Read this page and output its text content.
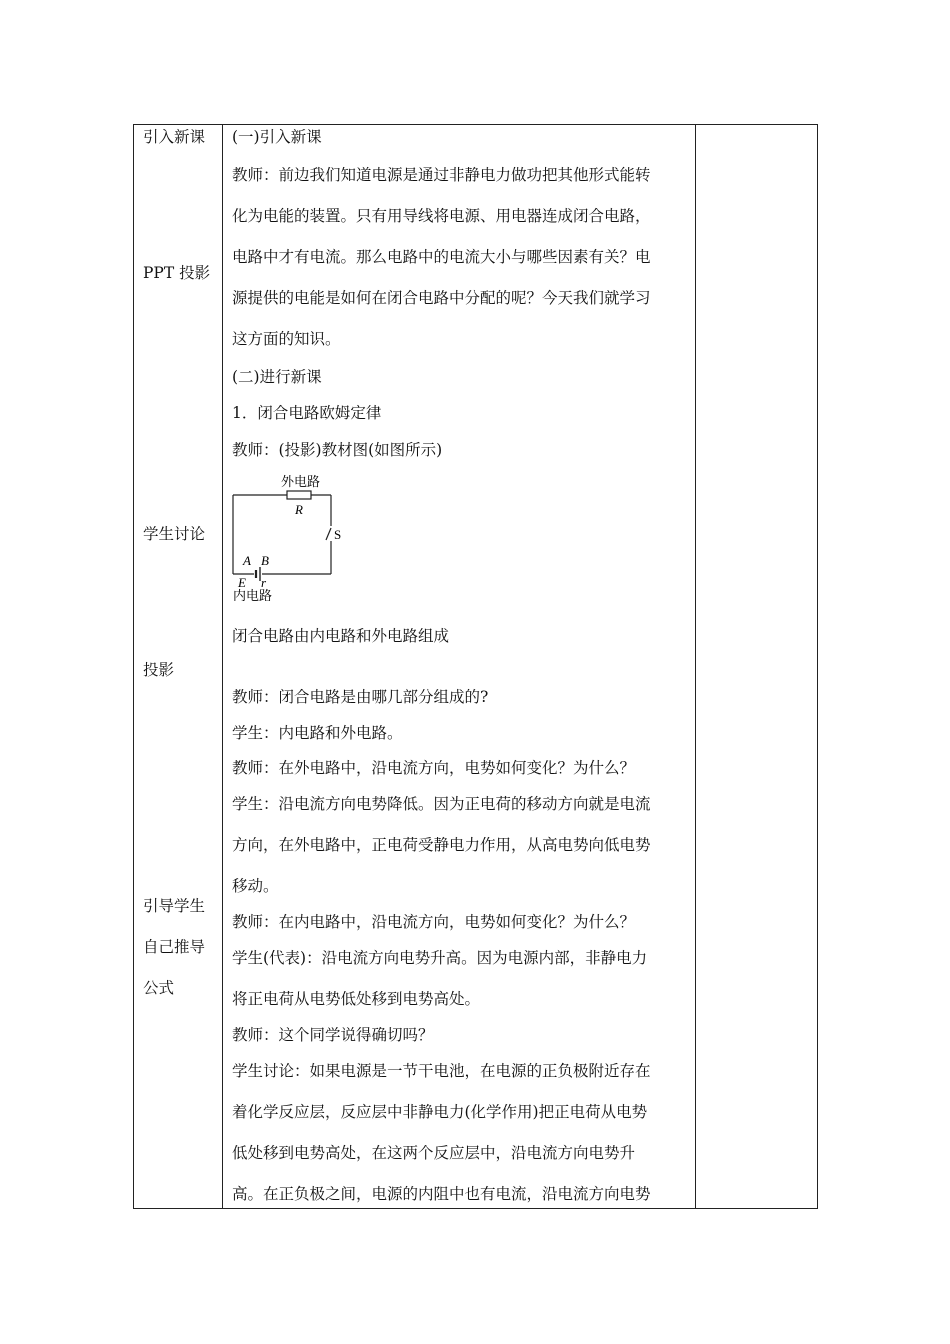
引入新课
PPT 投影
学生讨论
投影
引导学生
自己推导
公式
(一)引入新课
教师：前边我们知道电源是通过非静电力做功把其他形式能转
化为电能的装置。只有用导线将电源、用电器连成闭合电路，
电路中才有电流。那么电路中的电流大小与哪些因素有关？电
源提供的电能是如何在闭合电路中分配的呢？今天我们就学习
这方面的知识。
(二)进行新课
1．闭合电路欧姆定律
教师：(投影)教材图(如图所示)
外电路
R
S
A B
E r
内电路
闭合电路由内电路和外电路组成
教师：闭合电路是由哪几部分组成的?
学生：内电路和外电路。
教师：在外电路中，沿电流方向，电势如何变化？为什么？
学生：沿电流方向电势降低。因为正电荷的移动方向就是电流
方向，在外电路中，正电荷受静电力作用，从高电势向低电势
移动。
教师：在内电路中，沿电流方向，电势如何变化？为什么？
学生(代表)：沿电流方向电势升高。因为电源内部，非静电力
将正电荷从电势低处移到电势高处。
教师：这个同学说得确切吗？
学生讨论：如果电源是一节干电池，在电源的正负极附近存在
着化学反应层，反应层中非静电力(化学作用)把正电荷从电势
低处移到电势高处，在这两个反应层中，沿电流方向电势升
高。在正负极之间，电源的内阻中也有电流，沿电流方向电势
